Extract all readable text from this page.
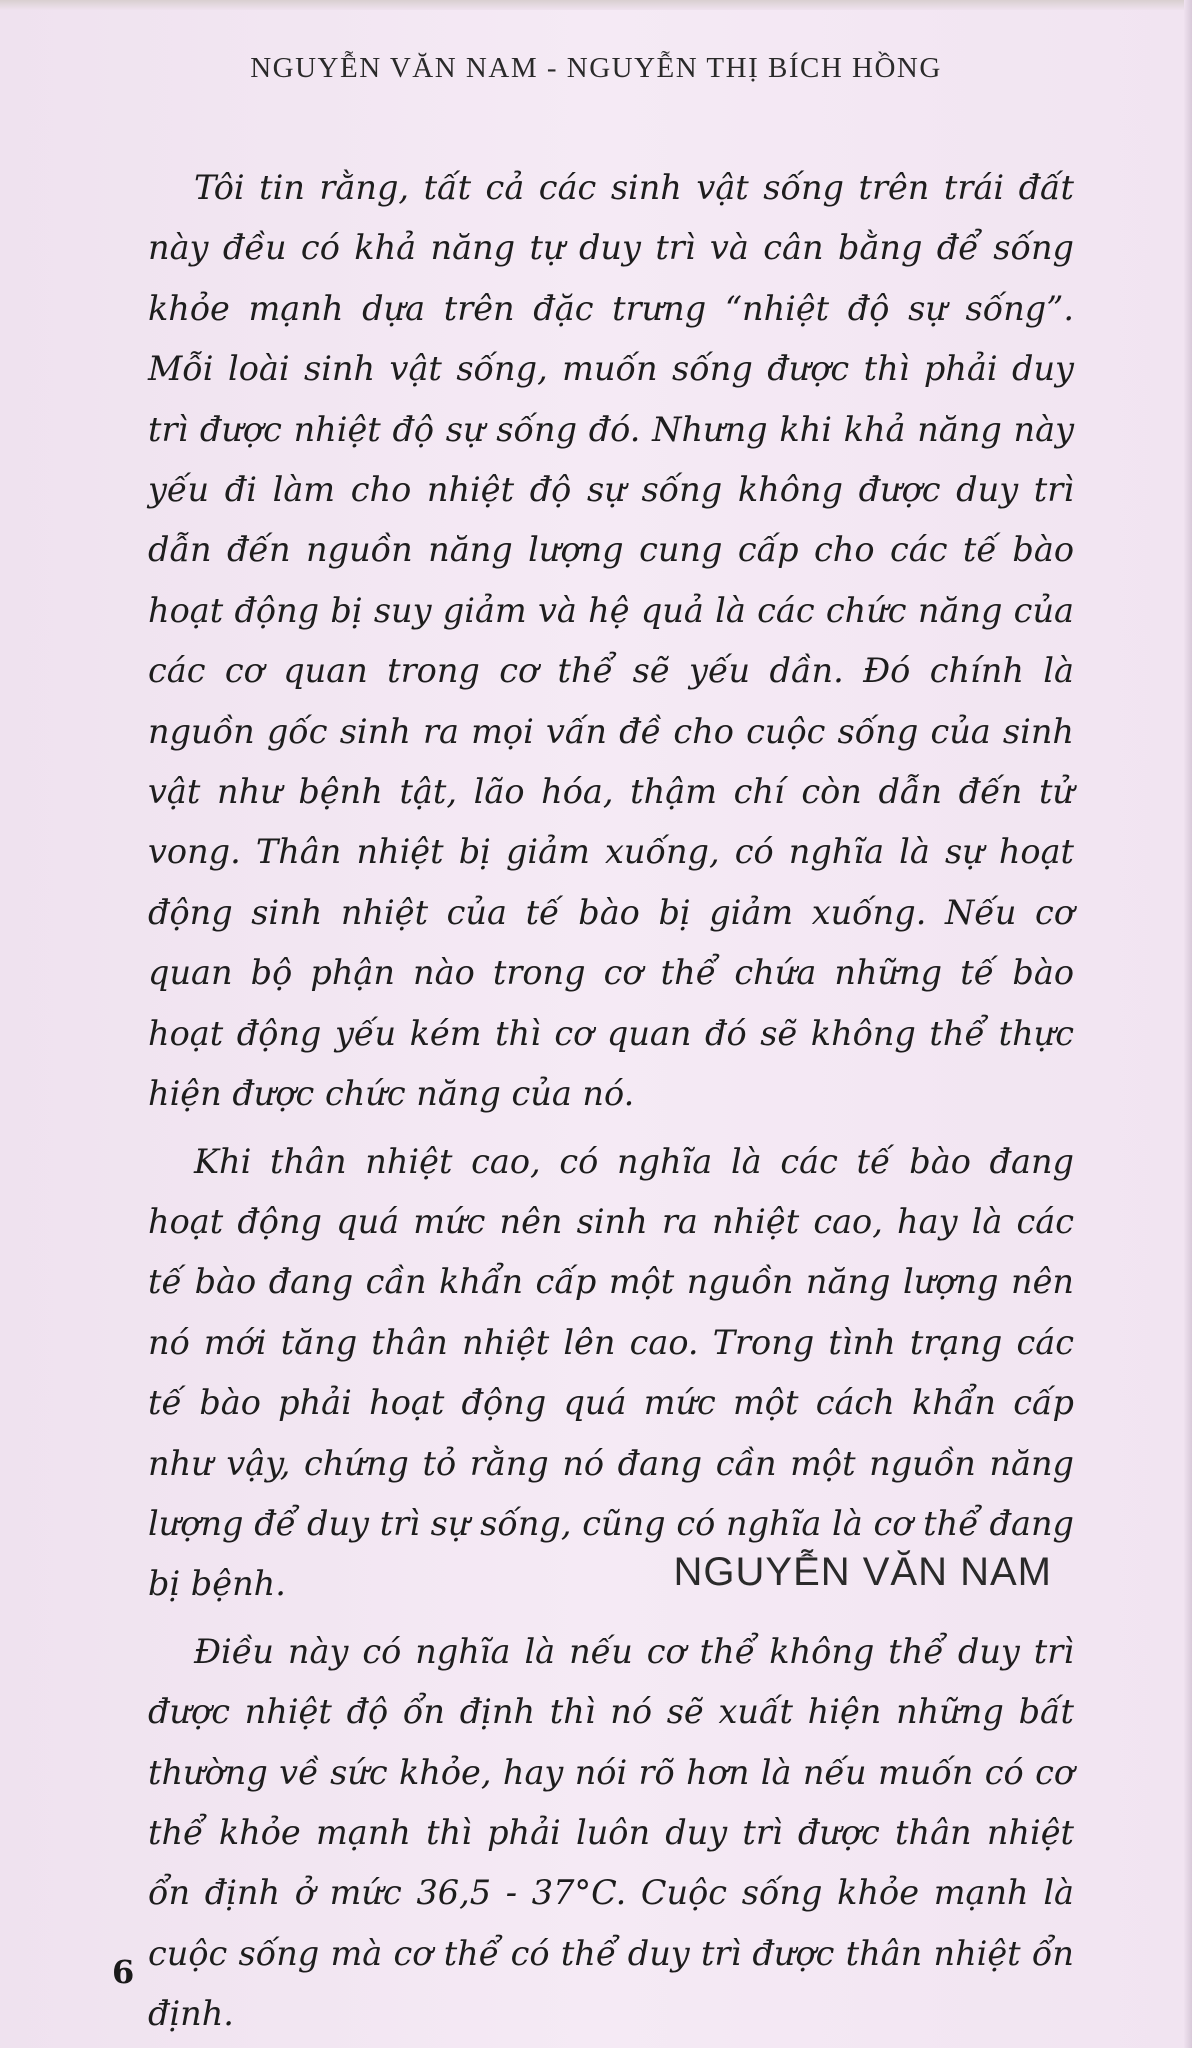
NGUYỄN VĂN NAM - NGUYỄN THỊ BÍCH HỒNG

Tôi tin rằng, tất cả các sinh vật sống trên trái đất này đều có khả năng tự duy trì và cân bằng để sống khỏe mạnh dựa trên đặc trưng “nhiệt độ sự sống”. Mỗi loài sinh vật sống, muốn sống được thì phải duy trì được nhiệt độ sự sống đó. Nhưng khi khả năng này yếu đi làm cho nhiệt độ sự sống không được duy trì dẫn đến nguồn năng lượng cung cấp cho các tế bào hoạt động bị suy giảm và hệ quả là các chức năng của các cơ quan trong cơ thể sẽ yếu dần. Đó chính là nguồn gốc sinh ra mọi vấn đề cho cuộc sống của sinh vật như bệnh tật, lão hóa, thậm chí còn dẫn đến tử vong. Thân nhiệt bị giảm xuống, có nghĩa là sự hoạt động sinh nhiệt của tế bào bị giảm xuống. Nếu cơ quan bộ phận nào trong cơ thể chứa những tế bào hoạt động yếu kém thì cơ quan đó sẽ không thể thực hiện được chức năng của nó.

Khi thân nhiệt cao, có nghĩa là các tế bào đang hoạt động quá mức nên sinh ra nhiệt cao, hay là các tế bào đang cần khẩn cấp một nguồn năng lượng nên nó mới tăng thân nhiệt lên cao. Trong tình trạng các tế bào phải hoạt động quá mức một cách khẩn cấp như vậy, chứng tỏ rằng nó đang cần một nguồn năng lượng để duy trì sự sống, cũng có nghĩa là cơ thể đang bị bệnh.

Điều này có nghĩa là nếu cơ thể không thể duy trì được nhiệt độ ổn định thì nó sẽ xuất hiện những bất thường về sức khỏe, hay nói rõ hơn là nếu muốn có cơ thể khỏe mạnh thì phải luôn duy trì được thân nhiệt ổn định ở mức 36,5 - 37°C. Cuộc sống khỏe mạnh là cuộc sống mà cơ thể có thể duy trì được thân nhiệt ổn định.

NGUYỄN VĂN NAM
6
